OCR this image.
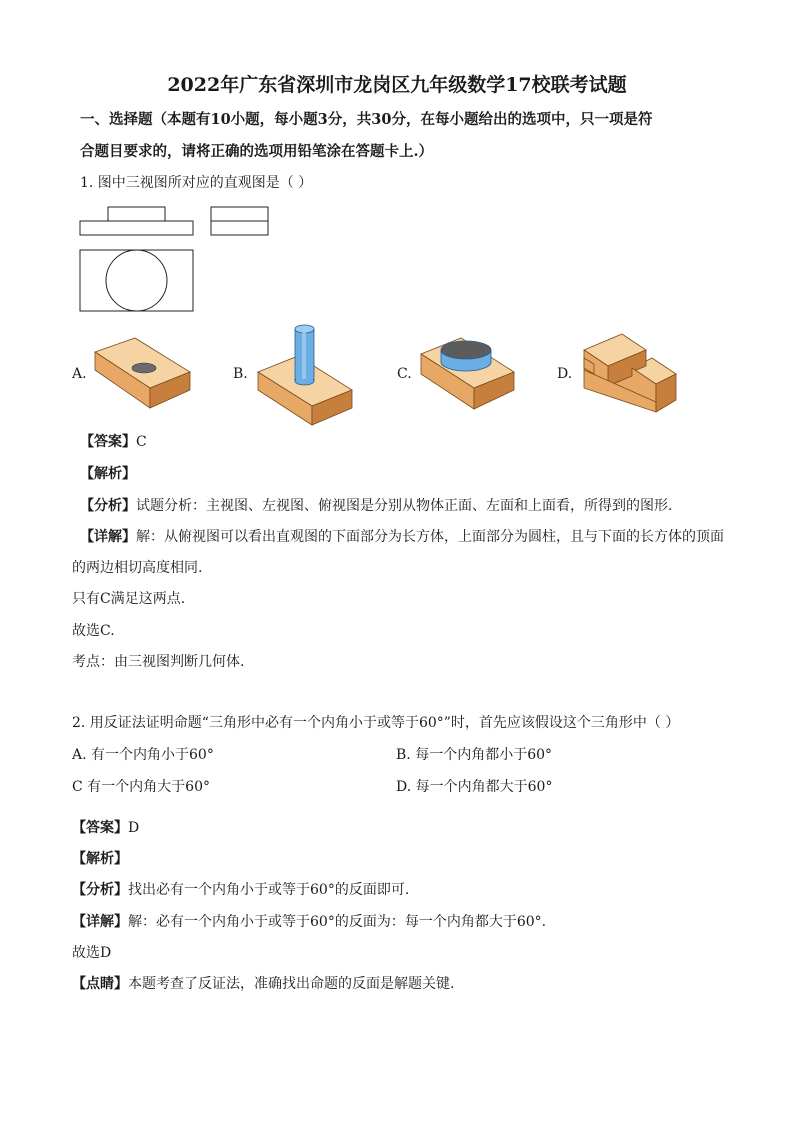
2022年广东省深圳市龙岗区九年级数学17校联考试题
一、选择题（本题有10小题，每小题3分，共30分，在每小题给出的选项中，只一项是符
合题目要求的，请将正确的选项用铅笔涂在答题卡上.）
1. 图中三视图所对应的直观图是（ ）
A.	B.	C.	D.
【答案】C
【解析】
【分析】试题分析：主视图、左视图、俯视图是分别从物体正面、左面和上面看，所得到的图形.
【详解】解：从俯视图可以看出直观图的下面部分为长方体，上面部分为圆柱，且与下面的长方体的顶面
的两边相切高度相同.
只有C满足这两点.
故选C.
考点：由三视图判断几何体.
2. 用反证法证明命题“三角形中必有一个内角小于或等于60°”时，首先应该假设这个三角形中（ ）
A. 有一个内角小于60°	B. 每一个内角都小于60°
C 有一个内角大于60°	D. 每一个内角都大于60°
【答案】D
【解析】
【分析】找出必有一个内角小于或等于60°的反面即可.
【详解】解：必有一个内角小于或等于60°的反面为：每一个内角都大于60°.
故选D
【点睛】本题考查了反证法，准确找出命题的反面是解题关键.
